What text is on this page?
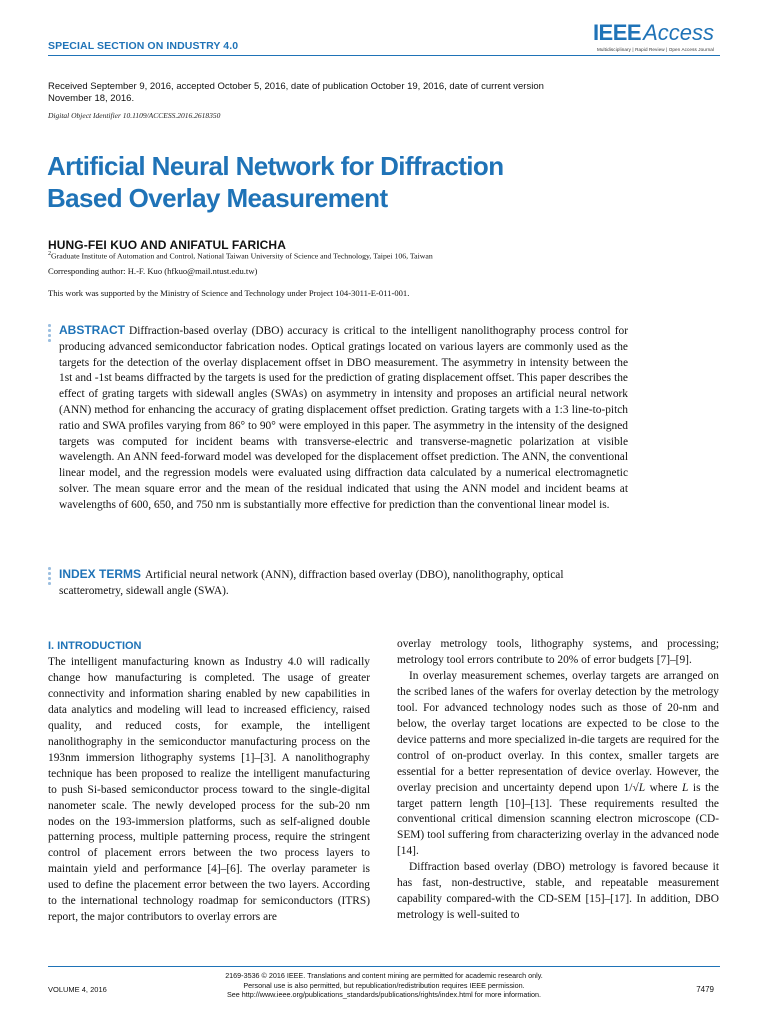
SPECIAL SECTION ON INDUSTRY 4.0
IEEEAccess
Multidisciplinary | Rapid Review | Open Access Journal
Received September 9, 2016, accepted October 5, 2016, date of publication October 19, 2016, date of current version November 18, 2016.
Digital Object Identifier 10.1109/ACCESS.2016.2618350
Artificial Neural Network for Diffraction
Based Overlay Measurement
HUNG-FEI KUO AND ANIFATUL FARICHA
$^2$Graduate Institute of Automation and Control, National Taiwan University of Science and Technology, Taipei 106, Taiwan
Corresponding author: H.-F. Kuo (hfkuo@mail.ntust.edu.tw)
This work was supported by the Ministry of Science and Technology under Project 104-3011-E-011-001.
ABSTRACT Diffraction-based overlay (DBO) accuracy is critical to the intelligent nanolithography process control for producing advanced semiconductor fabrication nodes. Optical gratings located on various layers are commonly used as the targets for the detection of the overlay displacement offset in DBO measurement. The asymmetry in intensity between the 1st and -1st beams diffracted by the targets is used for the prediction of grating displacement offset. This paper describes the effect of grating targets with sidewall angles (SWAs) on asymmetry in intensity and proposes an artificial neural network (ANN) method for enhancing the accuracy of grating displacement offset prediction. Grating targets with a 1:3 line-to-pitch ratio and SWA profiles varying from 86° to 90° were employed in this paper. The asymmetry in the intensity of the designed targets was computed for incident beams with transverse-electric and transverse-magnetic polarization at visible wavelength. An ANN feed-forward model was developed for the displacement offset prediction. The ANN, the conventional linear model, and the regression models were evaluated using diffraction data calculated by a numerical electromagnetic solver. The mean square error and the mean of the residual indicated that using the ANN model and incident beams at wavelengths of 600, 650, and 750 nm is substantially more effective for prediction than the conventional linear model is.
INDEX TERMS Artificial neural network (ANN), diffraction based overlay (DBO), nanolithography, optical scatterometry, sidewall angle (SWA).
I. INTRODUCTION

The intelligent manufacturing known as Industry 4.0 will radically change how manufacturing is completed. The usage of greater connectivity and information sharing enabled by new capabilities in data analytics and modeling will lead to increased efficiency, raised quality, and reduced costs, for example, the intelligent nanolithography in the semiconductor manufacturing process on the 193nm immersion lithography systems [1]–[3]. A nanolithography technique has been proposed to realize the intelligent manufacturing to push Si-based semiconductor process toward to the single-digital nanometer scale. The newly developed process for the sub-20 nm nodes on the 193-immersion platforms, such as self-aligned double patterning process, multiple patterning process, require the stringent control of placement errors between the two process layers to maintain yield and performance [4]–[6]. The overlay parameter is used to define the placement error between the two layers. According to the international technology roadmap for semiconductors (ITRS) report, the major contributors to overlay errors are

overlay metrology tools, lithography systems, and processing; metrology tool errors contribute to 20% of error budgets [7]–[9].

In overlay measurement schemes, overlay targets are arranged on the scribed lanes of the wafers for overlay detection by the metrology tool. For advanced technology nodes such as those of 20-nm and below, the overlay target locations are expected to be close to the device patterns and more specialized in-die targets are required for the control of on-product overlay. In this contex, smaller targets are essential for a better representation of device overlay. However, the overlay precision and uncertainty depend upon 1/√L where L is the target pattern length [10]–[13]. These requirements resulted the conventional critical dimension scanning electron microscope (CD-SEM) tool suffering from characterizing overlay in the advanced node [14].

Diffraction based overlay (DBO) metrology is favored because it has fast, non-destructive, stable, and repeatable measurement capability compared-with the CD-SEM [15]–[17]. In addition, DBO metrology is well-suited to

VOLUME 4, 2016
2169-3536 © 2016 IEEE. Translations and content mining are permitted for academic research only.
Personal use is also permitted, but republication/redistribution requires IEEE permission.
See http://www.ieee.org/publications_standards/publications/rights/index.html for more information.
7479
